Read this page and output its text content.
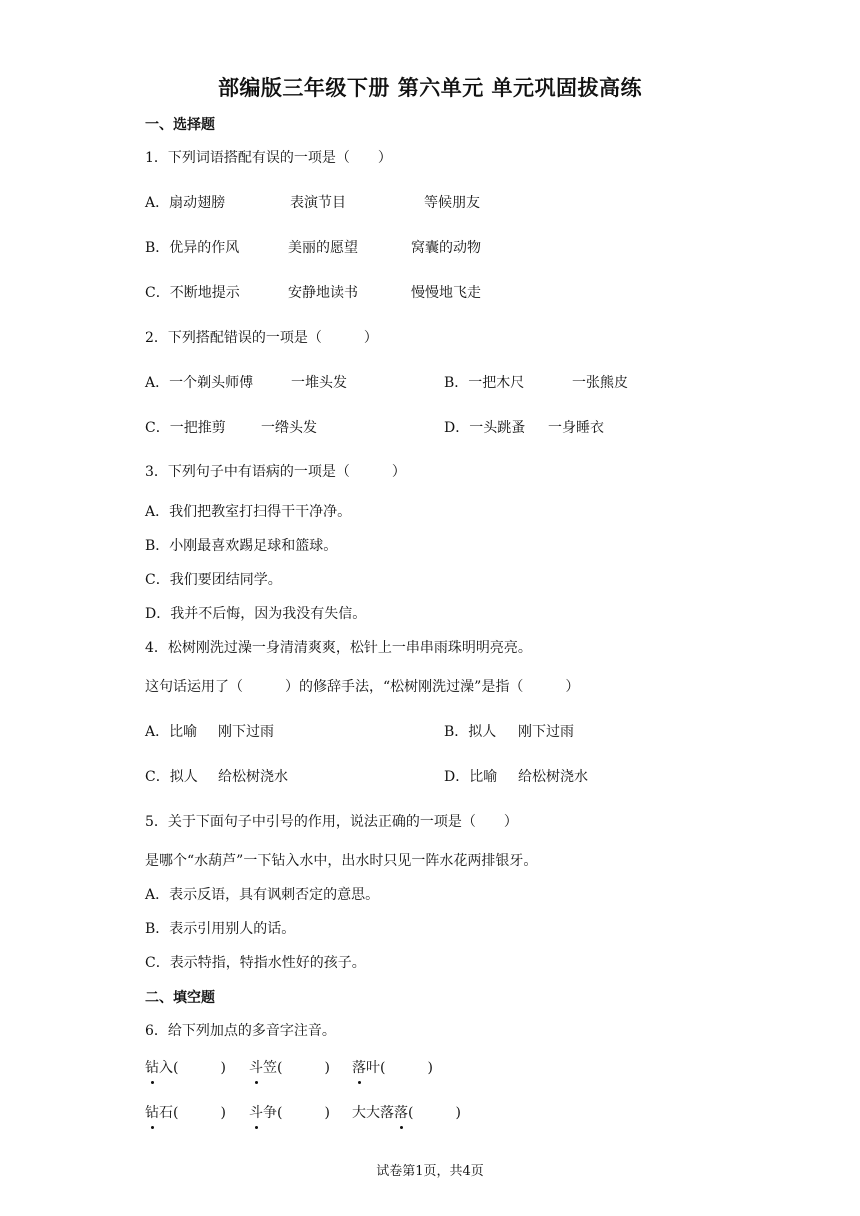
部编版三年级下册 第六单元 单元巩固拔高练
一、选择题
1．下列词语搭配有误的一项是（　　）
A．扇动翅膀	表演节目	等候朋友
B．优异的作风	美丽的愿望	窝囊的动物
C．不断地提示	安静地读书	慢慢地飞走
2．下列搭配错误的一项是（　　　）
A．一个剃头师傅	一堆头发	B．一把木尺	一张熊皮
C．一把推剪	一绺头发	D．一头跳蚤 一身睡衣
3．下列句子中有语病的一项是（　　　）
A．我们把教室打扫得干干净净。
B．小刚最喜欢踢足球和篮球。
C．我们要团结同学。
D．我并不后悔，因为我没有失信。
4．松树刚洗过澡一身清清爽爽，松针上一串串雨珠明明亮亮。
这句话运用了（　　　）的修辞手法，“松树刚洗过澡”是指（　　　）
A．比喻 刚下过雨	B．拟人 刚下过雨
C．拟人 给松树浇水	D．比喻 给松树浇水
5．关于下面句子中引号的作用，说法正确的一项是（　　）
是哪个“水葫芦”一下钻入水中，出水时只见一阵水花两排银牙。
A．表示反语，具有讽刺否定的意思。
B．表示引用别人的话。
C．表示特指，特指水性好的孩子。
二、填空题
6．给下列加点的多音字注音。
钻入(　　　) 斗笠(　　　) 落叶(　　　)
钻石(　　　) 斗争(　　　) 大大落落(　　　)
试卷第1页，共4页
